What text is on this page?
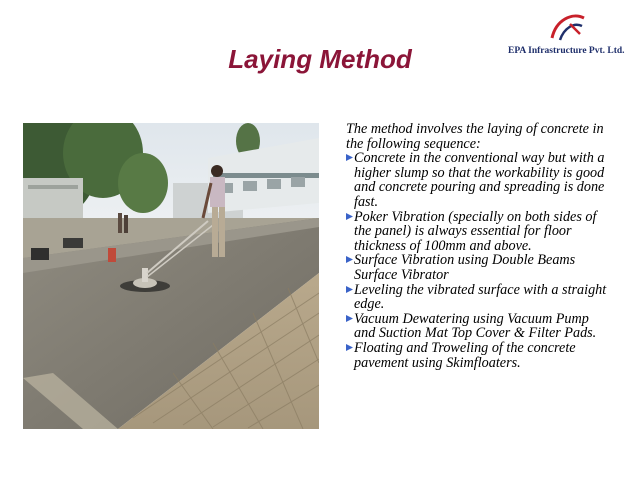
EPA Infrastructure Pvt. Ltd.
Laying Method

The method involves the laying of concrete in the following sequence:

Concrete in the conventional way but with a higher slump so that the workability is good and concrete pouring and spreading is done fast.
Poker Vibration (specially on both sides of the panel) is always essential for floor thickness of 100mm and above.
Surface Vibration using Double Beams Surface Vibrator
Leveling the vibrated surface with a straight edge.
Vacuum Dewatering using Vacuum Pump and Suction Mat Top Cover & Filter Pads.
Floating and Troweling of the concrete pavement using Skimfloaters.
